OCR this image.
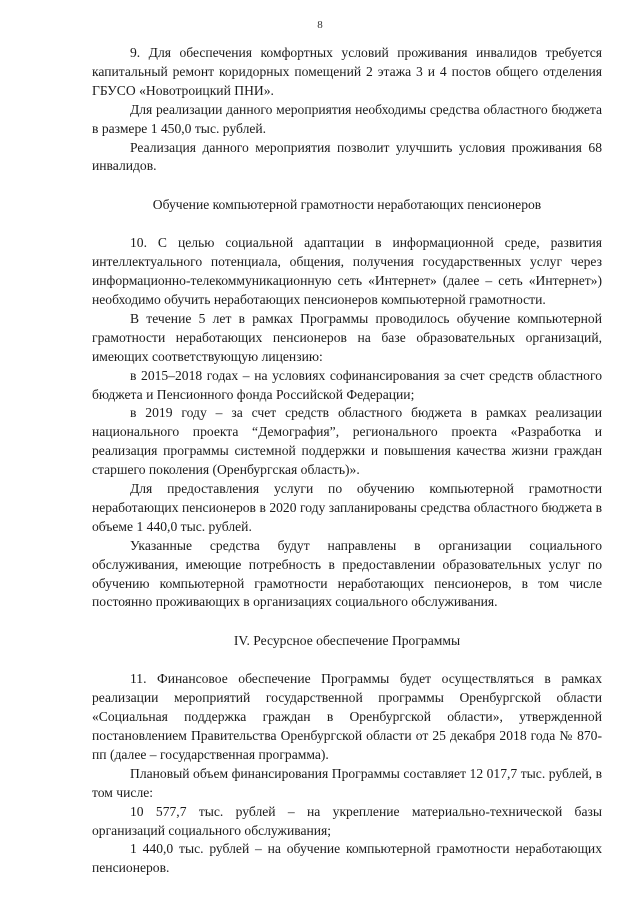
8

9. Для обеспечения комфортных условий проживания инвалидов требуется капитальный ремонт коридорных помещений 2 этажа 3 и 4 постов общего отделения ГБУСО «Новотроицкий ПНИ».

Для реализации данного мероприятия необходимы средства областного бюджета в размере 1 450,0 тыс. рублей.

Реализация данного мероприятия позволит улучшить условия проживания 68 инвалидов.

Обучение компьютерной грамотности неработающих пенсионеров

10. С целью социальной адаптации в информационной среде, развития интеллектуального потенциала, общения, получения государственных услуг через информационно-телекоммуникационную сеть «Интернет» (далее – сеть «Интернет») необходимо обучить неработающих пенсионеров компьютерной грамотности.

В течение 5 лет в рамках Программы проводилось обучение компьютерной грамотности неработающих пенсионеров на базе образовательных организаций, имеющих соответствующую лицензию:

в 2015–2018 годах – на условиях софинансирования за счет средств областного бюджета и Пенсионного фонда Российской Федерации;

в 2019 году – за счет средств областного бюджета в рамках реализации национального проекта “Демография”, регионального проекта «Разработка и реализация программы системной поддержки и повышения качества жизни граждан старшего поколения (Оренбургская область)».

Для предоставления услуги по обучению компьютерной грамотности неработающих пенсионеров в 2020 году запланированы средства областного бюджета в объеме 1 440,0 тыс. рублей.

Указанные средства будут направлены в организации социального обслуживания, имеющие потребность в предоставлении образовательных услуг по обучению компьютерной грамотности неработающих пенсионеров, в том числе постоянно проживающих в организациях социального обслуживания.

IV. Ресурсное обеспечение Программы

11. Финансовое обеспечение Программы будет осуществляться в рамках реализации мероприятий государственной программы Оренбургской области «Социальная поддержка граждан в Оренбургской области», утвержденной постановлением Правительства Оренбургской области от 25 декабря 2018 года № 870-пп (далее – государственная программа).

Плановый объем финансирования Программы составляет 12 017,7 тыс. рублей, в том числе:

10 577,7 тыс. рублей – на укрепление материально-технической базы организаций социального обслуживания;

1 440,0 тыс. рублей – на обучение компьютерной грамотности неработающих пенсионеров.
